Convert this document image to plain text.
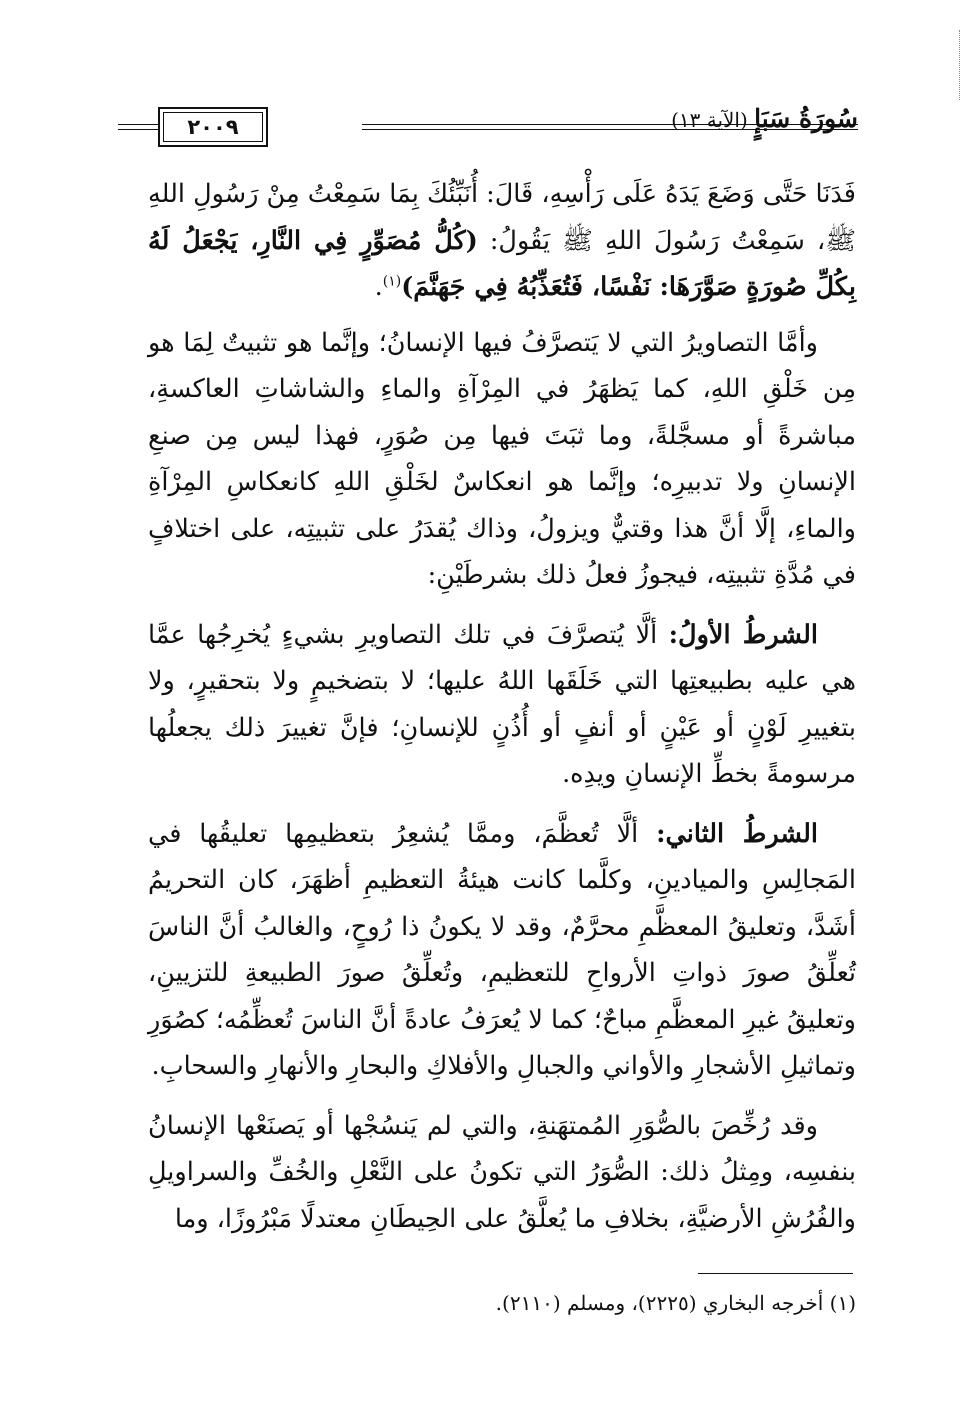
٢٠٠٩	سُورَةُ سَبَإٍ (الآية ١٣)

فَدَنَا حَتَّى وَضَعَ يَدَهُ عَلَى رَأْسِهِ، قَالَ: أُنَبِّئُكَ بِمَا سَمِعْتُ مِنْ رَسُولِ اللهِ ﷺ، سَمِعْتُ رَسُولَ اللهِ ﷺ يَقُولُ: (كُلُّ مُصَوِّرٍ فِي النَّارِ، يَجْعَلُ لَهُ بِكُلِّ صُورَةٍ صَوَّرَهَا: نَفْسًا، فَتُعَذِّبُهُ فِي جَهَنَّمَ)$^{(١)}$.

وأمَّا التصاويرُ التي لا يَتصرَّفُ فيها الإنسانُ؛ وإنَّما هو تثبيتٌ لِمَا هو مِن خَلْقِ اللهِ، كما يَظهَرُ في المِرْآةِ والماءِ والشاشاتِ العاكسةِ، مباشرةً أو مسجَّلةً، وما ثبَتَ فيها مِن صُوَرٍ، فهذا ليس مِن صنعِ الإنسانِ ولا تدبيرِه؛ وإنَّما هو انعكاسٌ لخَلْقِ اللهِ كانعكاسِ المِرْآةِ والماءِ، إلَّا أنَّ هذا وقتيٌّ ويزولُ، وذاك يُقدَرُ على تثبيتِه، على اختلافٍ في مُدَّةِ تثبيتِه، فيجوزُ فعلُ ذلك بشرطَيْنِ:

الشرطُ الأولُ: ألَّا يُتصرَّفَ في تلك التصاويرِ بشيءٍ يُخرِجُها عمَّا هي عليه بطبيعتِها التي خَلَقَها اللهُ عليها؛ لا بتضخيمٍ ولا بتحقيرٍ، ولا بتغييرِ لَوْنٍ أو عَيْنٍ أو أنفٍ أو أُذُنٍ للإنسانِ؛ فإنَّ تغييرَ ذلك يجعلُها مرسومةً بخطِّ الإنسانِ ويدِه.

الشرطُ الثاني: ألَّا تُعظَّمَ، وممَّا يُشعِرُ بتعظيمِها تعليقُها في المَجالِسِ والميادينِ، وكلَّما كانت هيئةُ التعظيمِ أظهَرَ، كان التحريمُ أشَدَّ، وتعليقُ المعظَّمِ محرَّمٌ، وقد لا يكونُ ذا رُوحٍ، والغالبُ أنَّ الناسَ تُعلِّقُ صورَ ذواتِ الأرواحِ للتعظيمِ، وتُعلِّقُ صورَ الطبيعةِ للتزيينِ، وتعليقُ غيرِ المعظَّمِ مباحٌ؛ كما لا يُعرَفُ عادةً أنَّ الناسَ تُعظِّمُه؛ كصُوَرِ وتماثيلِ الأشجارِ والأواني والجبالِ والأفلاكِ والبحارِ والأنهارِ والسحابِ.

وقد رُخِّصَ بالصُّوَرِ المُمتهَنةِ، والتي لم يَنسُجْها أو يَصنَعْها الإنسانُ بنفسِه، ومِثلُ ذلك: الصُّوَرُ التي تكونُ على النَّعْلِ والخُفِّ والسراويلِ والفُرُشِ الأرضيَّةِ، بخلافِ ما يُعلَّقُ على الحِيطَانِ معتدلًا مَبْرُوزًا، وما

(١) أخرجه البخاري (٢٢٢٥)، ومسلم (٢١١٠).
